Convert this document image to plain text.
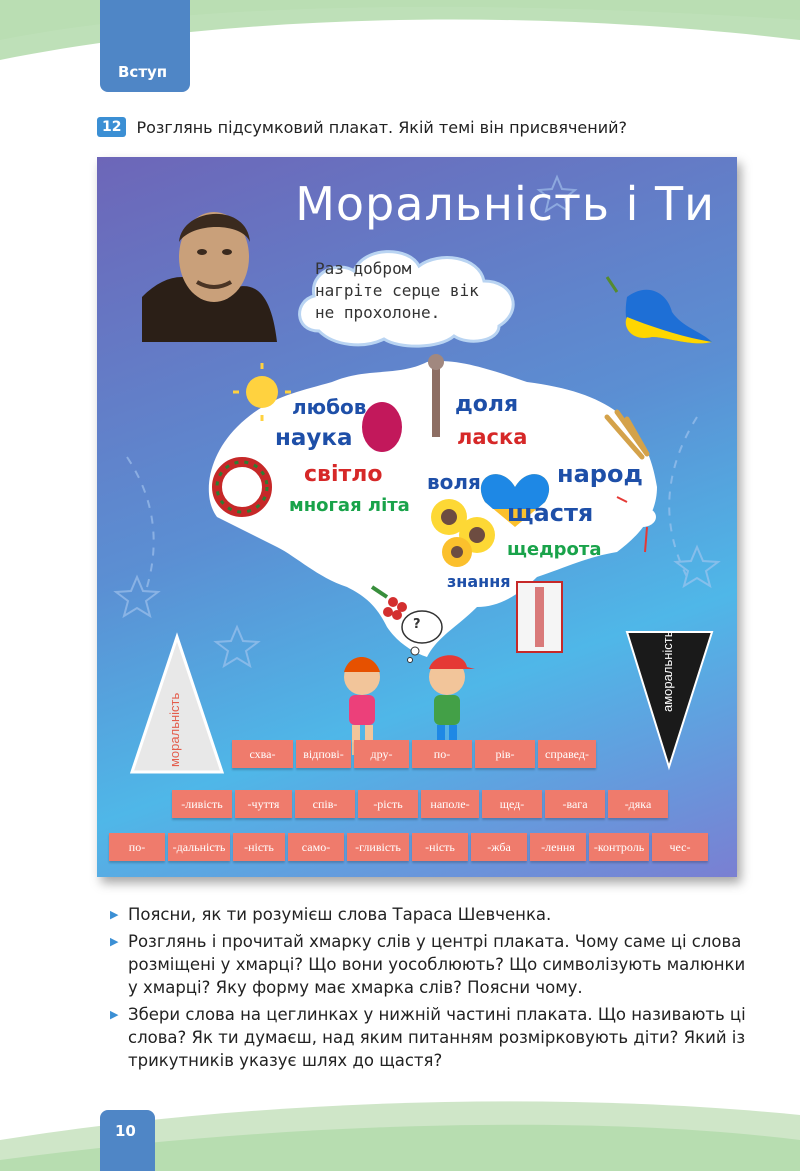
Вступ
12 Розглянь підсумковий плакат. Якій темі він присвячений?
Моральність і Ти
Раз добром
нагріте серце вік
не прохолоне.
любов	доля
наука	ласка
світло воля	народ
многая літа	щастя
щедрота
знання
моральність
аморальність
?
схва-	відпові-	дру-	по-	рів-	справед-
-ливість	-чуття	спів-	-ріcть	наполе-	щед-	-вага	-дяка
по-	-дальність	-ність	само-	-гливість	-ність	-жба	-лення	-контроль	чес-
▶ Поясни, як ти розумієш слова Тараса Шевченка.
▶ Розглянь і прочитай хмарку слів у центрі плаката. Чому саме ці слова розміщені у хмарці? Що вони уособлюють? Що символізують малюнки у хмарці? Яку форму має хмарка слів? Поясни чому.
▶ Збери слова на цеглинках у нижній частині плаката. Що називають ці слова? Як ти думаєш, над яким питанням розмірковують діти? Який із трикутників указує шлях до щастя?
10
